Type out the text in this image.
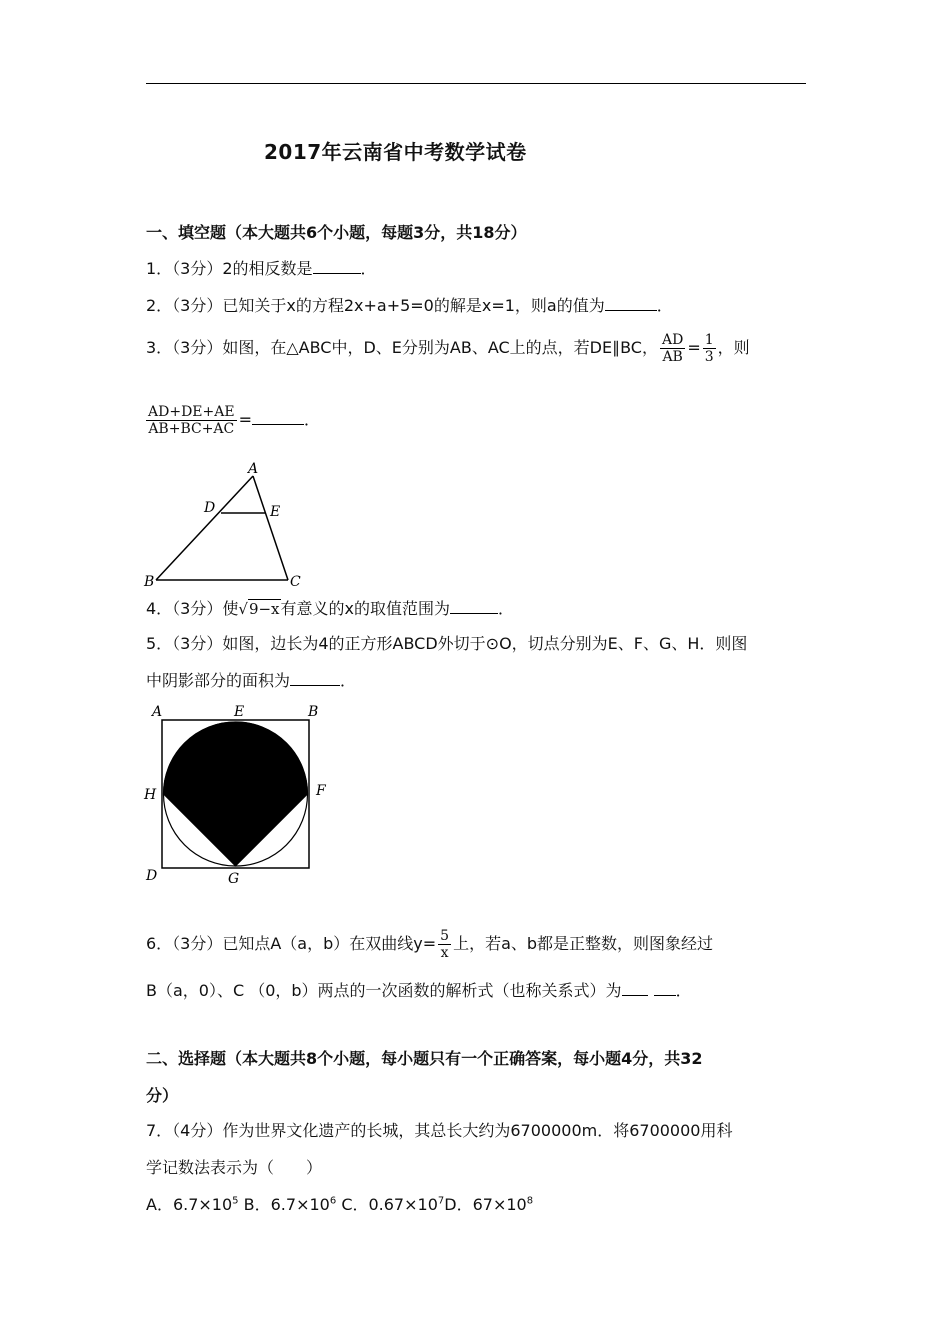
2017年云南省中考数学试卷
一、填空题（本大题共6个小题，每题3分，共18分）
1．（3分）2的相反数是	．
2．（3分）已知关于x的方程2x+a+5=0的解是x=1，则a的值为	．
3．（3分）如图，在△ABC中，D、E分别为AB、AC上的点，若DE∥BC， $\frac{AD}{AB} = \frac{1}{3}$ ，则
$\frac{AD+DE+AE}{AB+BC+AC}$ =	．
A
B	C
D	E
4．（3分）使√9−x有意义的x的取值范围为	．
5．（3分）如图，边长为4的正方形ABCD外切于⊙O，切点分别为E、F、G、H．则图
中阴影部分的面积为	．
A	E	B
H	F
D	G
6．（3分）已知点A（a，b）在双曲线$y= \frac{5}{x}$ 上，若a、b都是正整数，则图象经过
B（a，0）、C （0，b）两点的一次函数的解析式（也称关系式）为	．
二、选择题（本大题共8个小题，每小题只有一个正确答案，每小题4分，共32
分）
7．（4分）作为世界文化遗产的长城，其总长大约为6700000m．将6700000用科
学记数法表示为（　　）
A．$6.7\times 10^5$ B．$6.7\times 10^6$ C．$0.67\times 10^7D$．$67\times 10^8$
